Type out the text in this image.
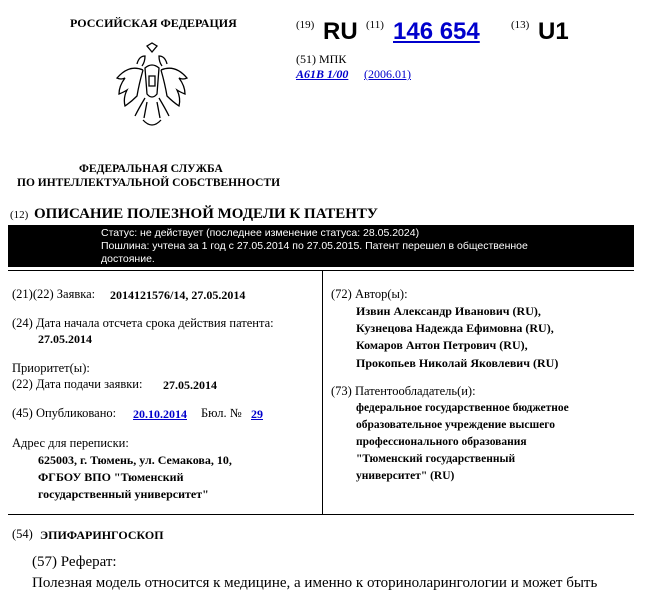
РОССИЙСКАЯ ФЕДЕРАЦИЯ
ФЕДЕРАЛЬНАЯ СЛУЖБА
ПО ИНТЕЛЛЕКТУАЛЬНОЙ СОБСТВЕННОСТИ
(19) RU (11) 146 654	(13) U1
(51) МПК
A61B 1/00 (2006.01)
(12) ОПИСАНИЕ ПОЛЕЗНОЙ МОДЕЛИ К ПАТЕНТУ
Статус: не действует (последнее изменение статуса: 28.05.2024)
Пошлина: учтена за 1 год с 27.05.2014 по 27.05.2015. Патент перешел в общественное
достояние.
(21)(22) Заявка: 2014121576/14, 27.05.2014
(24) Дата начала отсчета срока действия патента:
27.05.2014
Приоритет(ы):
(22) Дата подачи заявки: 27.05.2014
(45) Опубликовано: 20.10.2014 Бюл. № 29
Адрес для переписки:
625003, г. Тюмень, ул. Семакова, 10,
ФГБОУ ВПО "Тюменский
государственный университет"
(72) Автор(ы):
Извин Александр Иванович (RU),
Кузнецова Надежда Ефимовна (RU),
Комаров Антон Петрович (RU),
Прокопьев Николай Яковлевич (RU)
(73) Патентообладатель(и):
федеральное государственное бюджетное
образовательное учреждение высшего
профессионального образования
"Тюменский государственный
университет" (RU)
(54) ЭПИФАРИНГОСКОП
(57) Реферат:
Полезная модель относится к медицине, а именно к оториноларингологии и может быть
